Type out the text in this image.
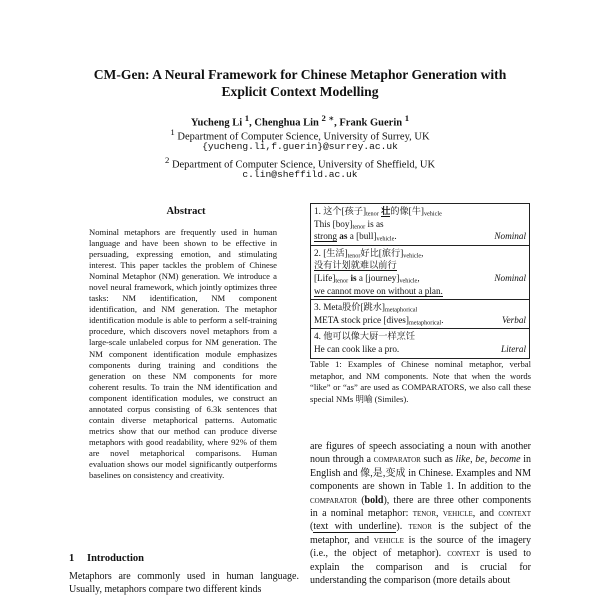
CM-Gen: A Neural Framework for Chinese Metaphor Generation with
Explicit Context Modelling
Yucheng Li $^1$, Chenghua Lin $^{2 ∗}$, Frank Guerin $^1$
$^1$ Department of Computer Science, University of Surrey, UK
{yucheng.li,f.guerin}@surrey.ac.uk
$^2$ Department of Computer Science, University of Sheffield, UK
c.lin@sheffild.ac.uk
Abstract

Nominal metaphors are frequently used in human language and have been shown to be effective in persuading, expressing emotion, and stimulating interest. This paper tackles the problem of Chinese Nominal Metaphor (NM) generation. We introduce a novel neural framework, which jointly optimizes three tasks: NM identification, NM component identification, and NM generation. The metaphor identification module is able to perform a self-training procedure, which discovers novel metaphors from a large-scale unlabeled corpus for NM generation. The NM component identification module emphasizes components during training and conditions the generation on these NM components for more coherent results. To train the NM identification and component identification modules, we construct an annotated corpus consisting of 6.3k sentences that contain diverse metaphorical patterns. Automatic metrics show that our method can produce diverse metaphors with good readability, where 92% of them are novel metaphorical comparisons. Human evaluation shows our model significantly outperforms baselines on consistency and creativity.

1 Introduction

Metaphors are commonly used in human language. Usually, metaphors compare two different kinds

1. 这个[孩子]$_{tenor}$ 壮的像[牛]$_{vehicle}$
This $[boy]_{tenor}$ is as
strong as a $[bull]_{vehicle}$.	Nominal

2. [生活]$_{tenor}$好比[旅行]$_{vehicle}$,
没有计划就难以前行
$[Life]_{tenor}$ is a $[journey]_{vehicle}$,	Nominal
we cannot move on without a plan.

3. Meta股价[跳水]$_{metaphorical}$
META stock price $[dives]_{metaphorical}$.	Verbal

4. 他可以像大厨一样烹饪
He can cook like a pro.	Literal
Table 1: Examples of Chinese nominal metaphor, verbal metaphor, and NM components. Note that when the words “like” or “as” are used as COMPARATORS, we also call these special NMs 明喻 (Similes).

are figures of speech associating a noun with another noun through a comparator such as like, be, become in English and 像,是,变成 in Chinese. Examples and NM components are shown in Table 1. In addition to the comparator (bold), there are three other components in a nominal metaphor: tenor, vehicle, and context (text with underline). tenor is the subject of the metaphor, and vehicle is the source of the imagery (i.e., the object of metaphor). context is used to explain the comparison and is crucial for understanding the comparison (more details about
